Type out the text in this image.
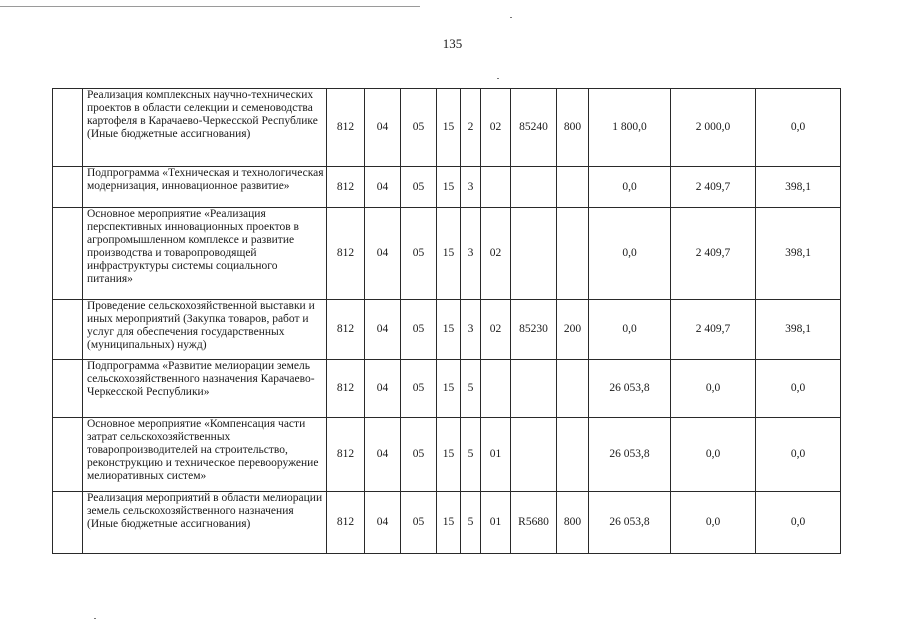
135
	Реализация комплексных научно-технических проектов в области селекции и семеноводства картофеля в Карачаево-Черкесской Республике (Иные бюджетные ассигнования)	812	04	05	15	2	02	85240	800	1 800,0	2 000,0	0,0
	Подпрограмма «Техническая и технологическая модернизация, инновационное развитие»	812	04	05	15	3				0,0	2 409,7	398,1
	Основное мероприятие «Реализация перспективных инновационных проектов в агропромышленном комплексе и развитие производства и товаропроводящей инфраструктуры системы социального питания»	812	04	05	15	3	02			0,0	2 409,7	398,1
	Проведение сельскохозяйственной выставки и иных мероприятий (Закупка товаров, работ и услуг для обеспечения государственных (муниципальных) нужд)	812	04	05	15	3	02	85230	200	0,0	2 409,7	398,1
	Подпрограмма «Развитие мелиорации земель сельскохозяйственного назначения Карачаево-Черкесской Республики»	812	04	05	15	5				26 053,8	0,0	0,0
	Основное мероприятие «Компенсация части затрат сельскохозяйственных товаропроизводителей на строительство, реконструкцию и техническое перевооружение мелиоративных систем»	812	04	05	15	5	01			26 053,8	0,0	0,0
	Реализация мероприятий в области мелиорации земель сельскохозяйственного назначения (Иные бюджетные ассигнования)	812	04	05	15	5	01	R5680	800	26 053,8	0,0	0,0
